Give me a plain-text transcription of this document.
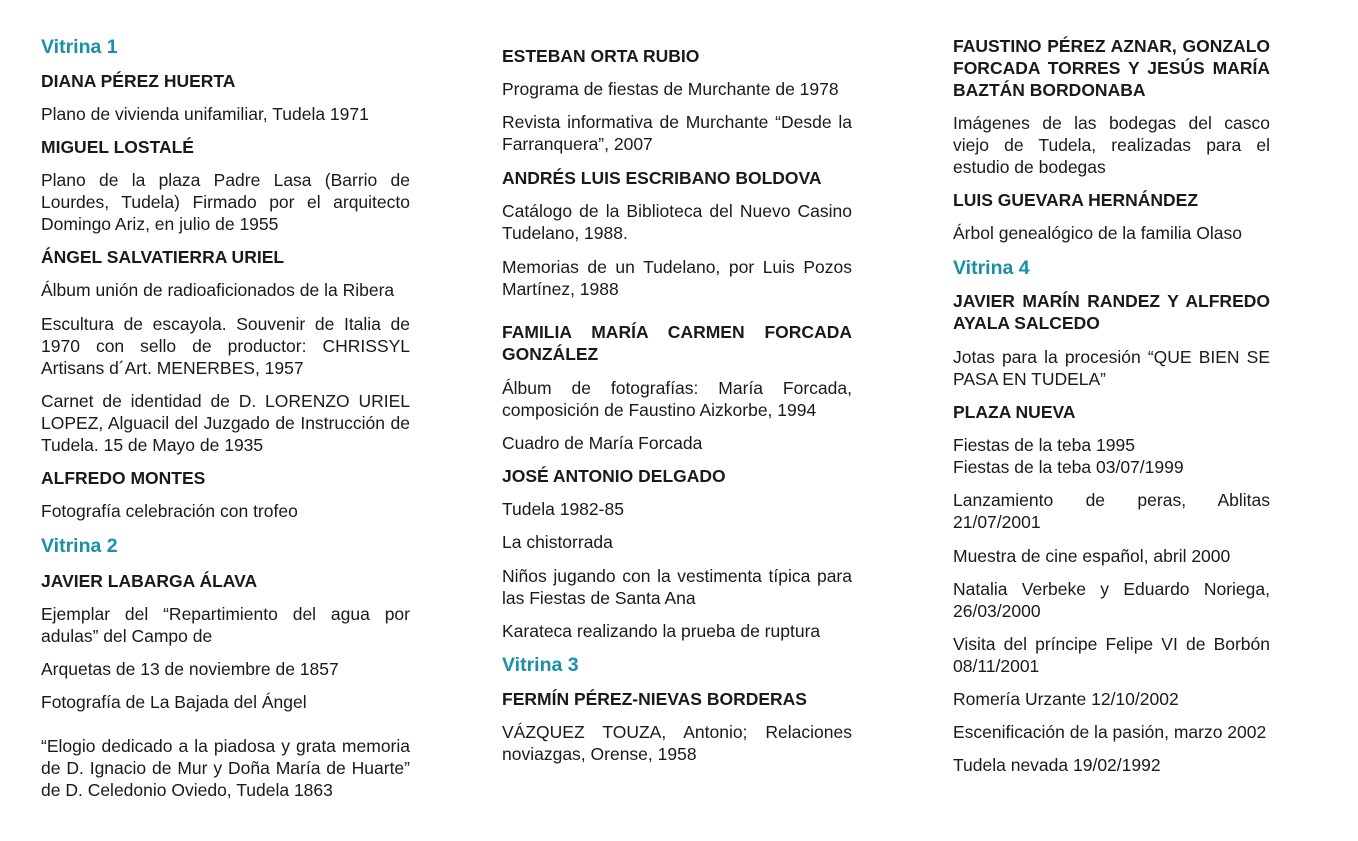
Vitrina 1
DIANA PÉREZ HUERTA
Plano de vivienda unifamiliar, Tudela 1971
MIGUEL LOSTALÉ
Plano de la plaza Padre Lasa (Barrio de
Lourdes, Tudela) Firmado por el arquitecto
Domingo Ariz, en julio de 1955
ÁNGEL SALVATIERRA URIEL
Álbum unión de radioaficionados de la Ribera
Escultura de escayola. Souvenir de Italia de
1970 con sello de productor: CHRISSYL
Artisans d´Art. MENERBES, 1957
Carnet de identidad de D. LORENZO URIEL
LOPEZ, Alguacil del Juzgado de Instrucción de
Tudela. 15 de Mayo de 1935
ALFREDO MONTES
Fotografía celebración con trofeo
Vitrina 2
JAVIER LABARGA ÁLAVA
Ejemplar del “Repartimiento del agua por
adulas” del Campo de
Arquetas de 13 de noviembre de 1857
Fotografía de La Bajada del Ángel
“Elogio dedicado a la piadosa y grata memoria
de D. Ignacio de Mur y Doña María de Huarte”
de D. Celedonio Oviedo, Tudela 1863
ESTEBAN ORTA RUBIO
Programa de fiestas de Murchante de 1978
Revista informativa de Murchante “Desde la
Farranquera”, 2007
ANDRÉS LUIS ESCRIBANO BOLDOVA
Catálogo de la Biblioteca del Nuevo Casino
Tudelano, 1988.
Memorias de un Tudelano, por Luis Pozos
Martínez, 1988
FAMILIA MARÍA CARMEN FORCADA
GONZÁLEZ
Álbum de fotografías: María Forcada,
composición de Faustino Aizkorbe, 1994
Cuadro de María Forcada
JOSÉ ANTONIO DELGADO
Tudela 1982-85
La chistorrada
Niños jugando con la vestimenta típica para
las Fiestas de Santa Ana
Karateca realizando la prueba de ruptura
Vitrina 3
FERMÍN PÉREZ-NIEVAS BORDERAS
VÁZQUEZ TOUZA, Antonio; Relaciones
noviazgas, Orense, 1958
FAUSTINO PÉREZ AZNAR, GONZALO
FORCADA TORRES Y JESÚS MARÍA
BAZTÁN BORDONABA
Imágenes de las bodegas del casco
viejo de Tudela, realizadas para el
estudio de bodegas
LUIS GUEVARA HERNÁNDEZ
Árbol genealógico de la familia Olaso
Vitrina 4
JAVIER MARÍN RANDEZ Y ALFREDO
AYALA SALCEDO
Jotas para la procesión “QUE BIEN SE
PASA EN TUDELA”
PLAZA NUEVA
Fiestas de la teba 1995
Fiestas de la teba 03/07/1999
Lanzamiento de peras, Ablitas
21/07/2001
Muestra de cine español, abril 2000
Natalia Verbeke y Eduardo Noriega,
26/03/2000
Visita del príncipe Felipe VI de Borbón
08/11/2001
Romería Urzante 12/10/2002
Escenificación de la pasión, marzo 2002
Tudela nevada 19/02/1992
